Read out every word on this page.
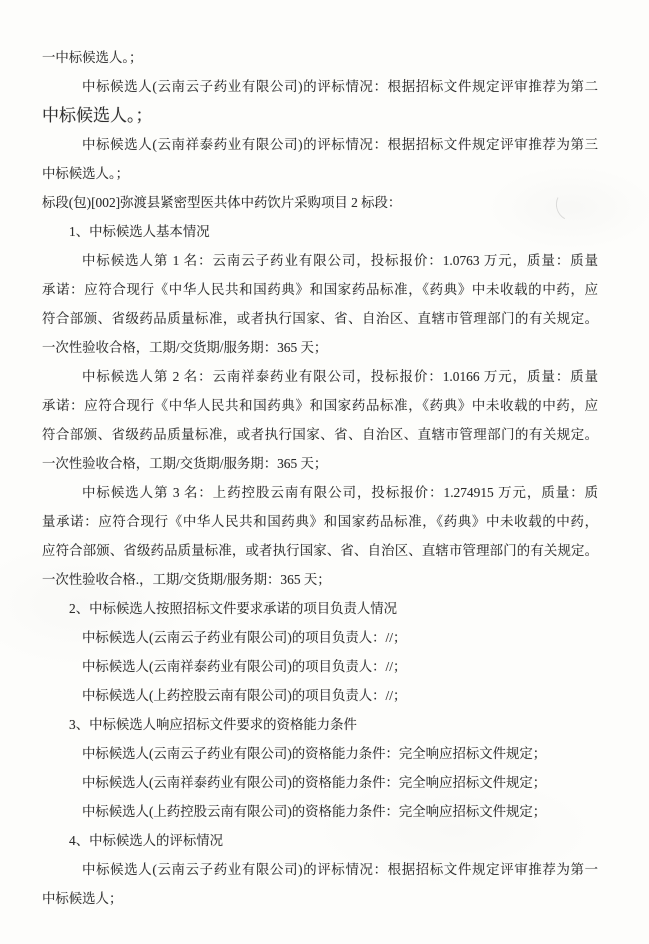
一中标候选人。；
中标候选人(云南云子药业有限公司)的评标情况：根据招标文件规定评审推荐为第二
中标候选人。；
中标候选人(云南祥泰药业有限公司)的评标情况：根据招标文件规定评审推荐为第三
中标候选人。；
标段(包)[002]弥渡县紧密型医共体中药饮片采购项目 2 标段：
1、中标候选人基本情况
中标候选人第 1 名：云南云子药业有限公司，投标报价：1.0763 万元，质量：质量
承诺：应符合现行《中华人民共和国药典》和国家药品标准，《药典》中未收载的中药，应
符合部颁、省级药品质量标准，或者执行国家、省、自治区、直辖市管理部门的有关规定。
一次性验收合格，工期/交货期/服务期：365 天；
中标候选人第 2 名：云南祥泰药业有限公司，投标报价：1.0166 万元，质量：质量
承诺：应符合现行《中华人民共和国药典》和国家药品标准，《药典》中未收载的中药，应
符合部颁、省级药品质量标准，或者执行国家、省、自治区、直辖市管理部门的有关规定。
一次性验收合格，工期/交货期/服务期：365 天；
中标候选人第 3 名：上药控股云南有限公司，投标报价：1.274915 万元，质量：质
量承诺：应符合现行《中华人民共和国药典》和国家药品标准，《药典》中未收载的中药，
应符合部颁、省级药品质量标准，或者执行国家、省、自治区、直辖市管理部门的有关规定。
一次性验收合格.，工期/交货期/服务期：365 天；
2、中标候选人按照招标文件要求承诺的项目负责人情况
中标候选人(云南云子药业有限公司)的项目负责人：//；
中标候选人(云南祥泰药业有限公司)的项目负责人：//；
中标候选人(上药控股云南有限公司)的项目负责人：//；
3、中标候选人响应招标文件要求的资格能力条件
中标候选人(云南云子药业有限公司)的资格能力条件：完全响应招标文件规定；
中标候选人(云南祥泰药业有限公司)的资格能力条件：完全响应招标文件规定；
中标候选人(上药控股云南有限公司)的资格能力条件：完全响应招标文件规定；
4、中标候选人的评标情况
中标候选人(云南云子药业有限公司)的评标情况：根据招标文件规定评审推荐为第一
中标候选人；
